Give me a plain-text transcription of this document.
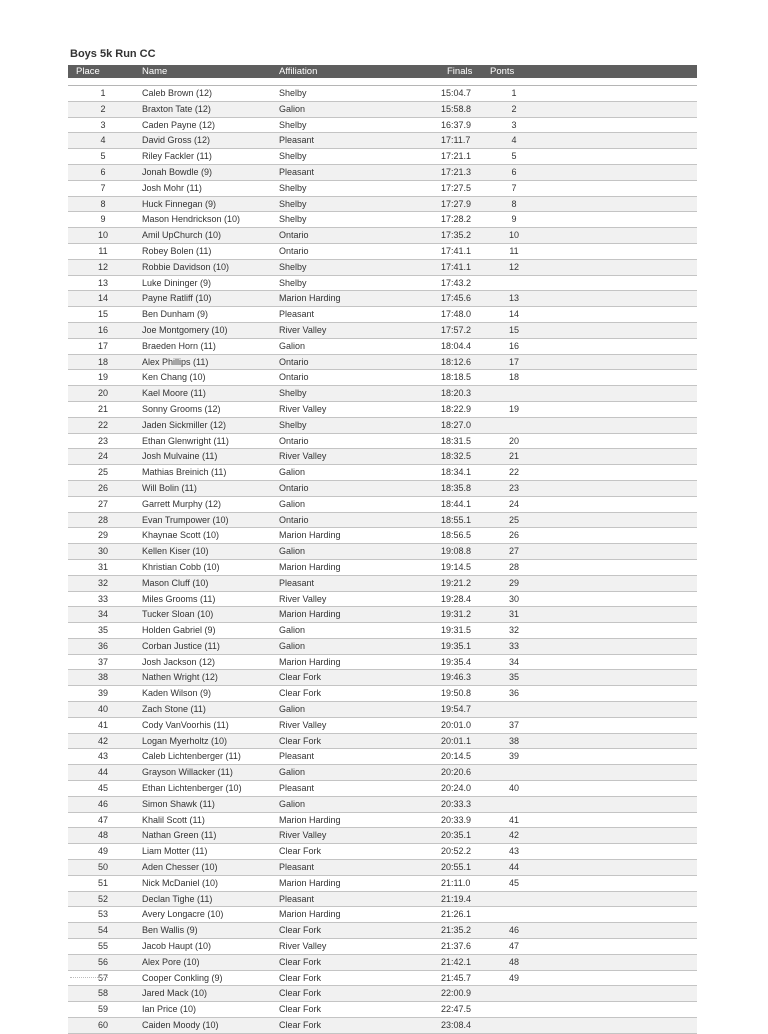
Boys 5k Run CC
Place	Name	Affiliation	Finals Ponts
1	Caleb Brown (12)	Shelby	15:04.7	1
2	Braxton Tate (12)	Galion	15:58.8	2
3	Caden Payne (12)	Shelby	16:37.9	3
4	David Gross (12)	Pleasant	17:11.7	4
5	Riley Fackler (11)	Shelby	17:21.1	5
6	Jonah Bowdle (9)	Pleasant	17:21.3	6
7	Josh Mohr (11)	Shelby	17:27.5	7
8	Huck Finnegan (9)	Shelby	17:27.9	8
9	Mason Hendrickson (10)	Shelby	17:28.2	9
10	Amil UpChurch (10)	Ontario	17:35.2	10
11	Robey Bolen (11)	Ontario	17:41.1	11
12	Robbie Davidson (10)	Shelby	17:41.1	12
13	Luke Dininger (9)	Shelby	17:43.2
14	Payne Ratliff (10)	Marion Harding	17:45.6	13
15	Ben Dunham (9)	Pleasant	17:48.0	14
16	Joe Montgomery (10)	River Valley	17:57.2	15
17	Braeden Horn (11)	Galion	18:04.4	16
18	Alex Phillips (11)	Ontario	18:12.6	17
19	Ken Chang (10)	Ontario	18:18.5	18
20	Kael Moore (11)	Shelby	18:20.3
21	Sonny Grooms (12)	River Valley	18:22.9	19
22	Jaden Sickmiller (12)	Shelby	18:27.0
23	Ethan Glenwright (11)	Ontario	18:31.5	20
24	Josh Mulvaine (11)	River Valley	18:32.5	21
25	Mathias Breinich (11)	Galion	18:34.1	22
26	Will Bolin (11)	Ontario	18:35.8	23
27	Garrett Murphy (12)	Galion	18:44.1	24
28	Evan Trumpower (10)	Ontario	18:55.1	25
29	Khaynae Scott (10)	Marion Harding	18:56.5	26
30	Kellen Kiser (10)	Galion	19:08.8	27
31	Khristian Cobb (10)	Marion Harding	19:14.5	28
32	Mason Cluff (10)	Pleasant	19:21.2	29
33	Miles Grooms (11)	River Valley	19:28.4	30
34	Tucker Sloan (10)	Marion Harding	19:31.2	31
35	Holden Gabriel (9)	Galion	19:31.5	32
36	Corban Justice (11)	Galion	19:35.1	33
37	Josh Jackson (12)	Marion Harding	19:35.4	34
38	Nathen Wright (12)	Clear Fork	19:46.3	35
39	Kaden Wilson (9)	Clear Fork	19:50.8	36
40	Zach Stone (11)	Galion	19:54.7
41	Cody VanVoorhis (11)	River Valley	20:01.0	37
42	Logan Myerholtz (10)	Clear Fork	20:01.1	38
43	Caleb Lichtenberger (11)	Pleasant	20:14.5	39
44	Grayson Willacker (11)	Galion	20:20.6
45	Ethan Lichtenberger (10)	Pleasant	20:24.0	40
46	Simon Shawk (11)	Galion	20:33.3
47	Khalil Scott (11)	Marion Harding	20:33.9	41
48	Nathan Green (11)	River Valley	20:35.1	42
49	Liam Motter (11)	Clear Fork	20:52.2	43
50	Aden Chesser (10)	Pleasant	20:55.1	44
51	Nick McDaniel (10)	Marion Harding	21:11.0	45
52	Declan Tighe (11)	Pleasant	21:19.4
53	Avery Longacre (10)	Marion Harding	21:26.1
54	Ben Wallis (9)	Clear Fork	21:35.2	46
55	Jacob Haupt (10)	River Valley	21:37.6	47
56	Alex Pore (10)	Clear Fork	21:42.1	48
57	Cooper Conkling (9)	Clear Fork	21:45.7	49
58	Jared Mack (10)	Clear Fork	22:00.9
59	Ian Price (10)	Clear Fork	22:47.5
60	Caiden Moody (10)	Clear Fork	23:08.4
